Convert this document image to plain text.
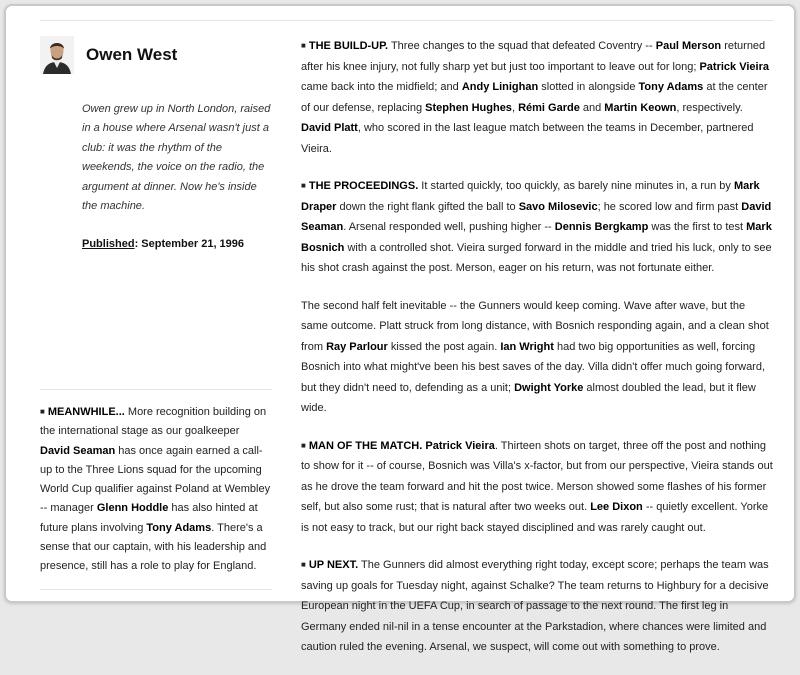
Owen West
Owen grew up in North London, raised in a house where Arsenal wasn't just a club: it was the rhythm of the weekends, the voice on the radio, the argument at dinner. Now he's inside the machine.
Published: September 21, 1996
■ MEANWHILE... More recognition building on the international stage as our goalkeeper David Seaman has once again earned a call-up to the Three Lions squad for the upcoming World Cup qualifier against Poland at Wembley -- manager Glenn Hoddle has also hinted at future plans involving Tony Adams. There's a sense that our captain, with his leadership and presence, still has a role to play for England.

■ THE BUILD-UP. Three changes to the squad that defeated Coventry -- Paul Merson returned after his knee injury, not fully sharp yet but just too important to leave out for long; Patrick Vieira came back into the midfield; and Andy Linighan slotted in alongside Tony Adams at the center of our defense, replacing Stephen Hughes, Rémi Garde and Martin Keown, respectively. David Platt, who scored in the last league match between the teams in December, partnered Vieira.

■ THE PROCEEDINGS. It started quickly, too quickly, as barely nine minutes in, a run by Mark Draper down the right flank gifted the ball to Savo Milosevic; he scored low and firm past David Seaman. Arsenal responded well, pushing higher -- Dennis Bergkamp was the first to test Mark Bosnich with a controlled shot. Vieira surged forward in the middle and tried his luck, only to see his shot crash against the post. Merson, eager on his return, was not fortunate either.

The second half felt inevitable -- the Gunners would keep coming. Wave after wave, but the same outcome. Platt struck from long distance, with Bosnich responding again, and a clean shot from Ray Parlour kissed the post again. Ian Wright had two big opportunities as well, forcing Bosnich into what might've been his best saves of the day. Villa didn't offer much going forward, but they didn't need to, defending as a unit; Dwight Yorke almost doubled the lead, but it flew wide.

■ MAN OF THE MATCH. Patrick Vieira. Thirteen shots on target, three off the post and nothing to show for it -- of course, Bosnich was Villa's x-factor, but from our perspective, Vieira stands out as he drove the team forward and hit the post twice. Merson showed some flashes of his former self, but also some rust; that is natural after two weeks out. Lee Dixon -- quietly excellent. Yorke is not easy to track, but our right back stayed disciplined and was rarely caught out.

■ UP NEXT. The Gunners did almost everything right today, except score; perhaps the team was saving up goals for Tuesday night, against Schalke? The team returns to Highbury for a decisive European night in the UEFA Cup, in search of passage to the next round. The first leg in Germany ended nil-nil in a tense encounter at the Parkstadion, where chances were limited and caution ruled the evening. Arsenal, we suspect, will come out with something to prove.
